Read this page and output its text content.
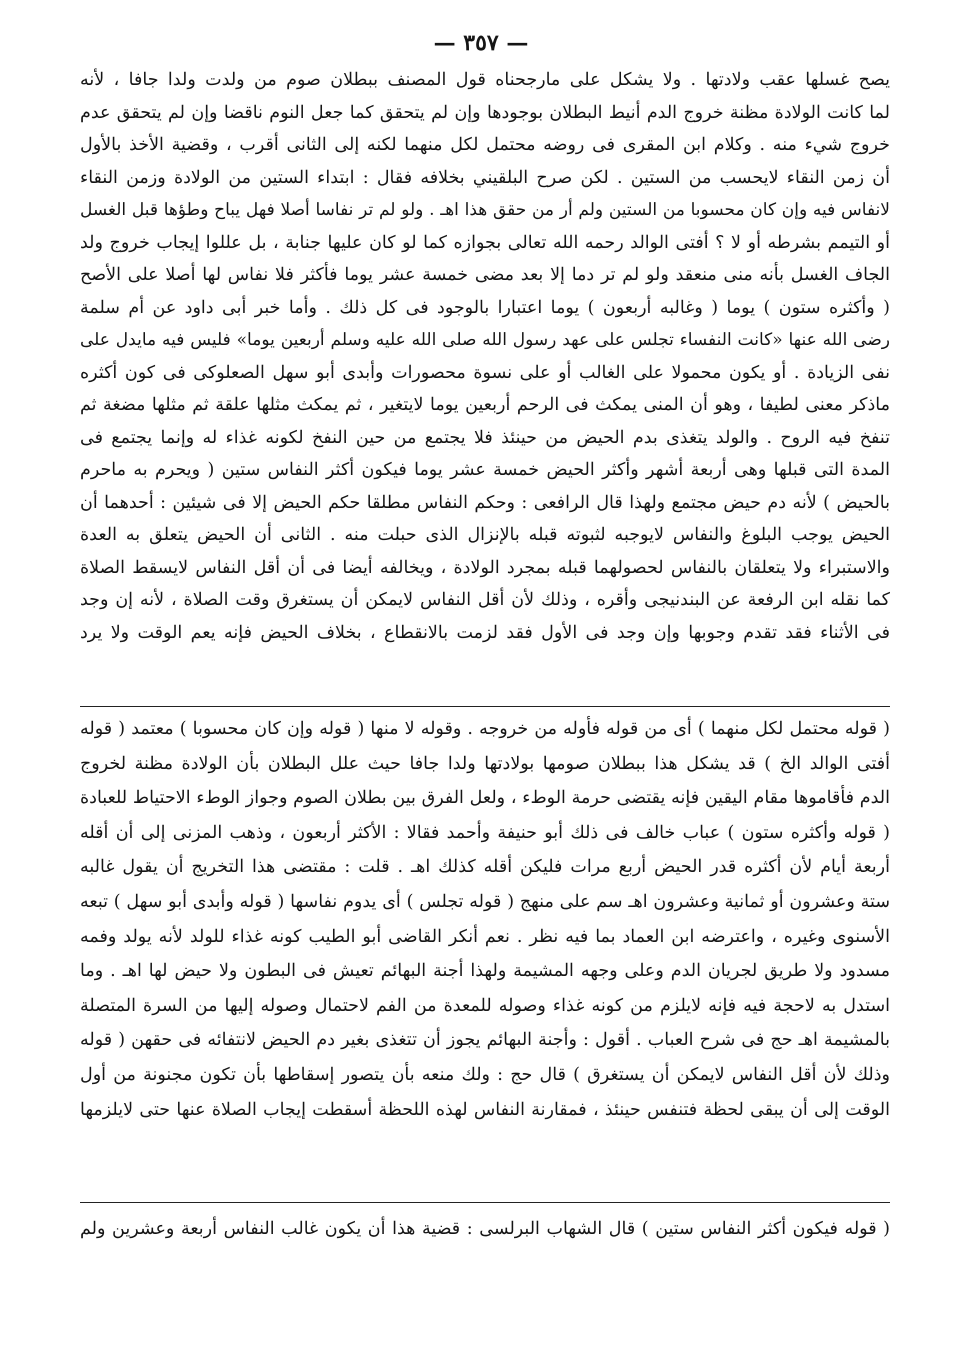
— ٣٥٧ —
يصح غسلها عقب ولادتها . ولا يشكل على مارجحناه قول المصنف ببطلان صوم من ولدت ولدا جافا ، لأنه
لما كانت الولادة مظنة خروج الدم أنيط البطلان بوجودها وإن لم يتحقق كما جعل النوم ناقضا وإن لم يتحقق عدم
خروج شيء منه . وكلام ابن المقرى فى روضه محتمل لكل منهما لكنه إلى الثانى أقرب ، وقضية الأخذ بالأول
أن زمن النقاء لايحسب من الستين . لكن صرح البلقيني بخلافه فقال : ابتداء الستين من الولادة وزمن النقاء
لانفاس فيه وإن كان محسوبا من الستين ولم أر من حقق هذا اهـ . ولو لم تر نفاسا أصلا فهل يباح وطؤها قبل الغسل
أو التيمم بشرطه أو لا ؟ أفتى الوالد رحمه الله تعالى بجوازه كما لو كان عليها جنابة ، بل عللوا إيجاب خروج ولد
الجاف الغسل بأنه منى منعقد ولو لم تر دما إلا بعد مضى خمسة عشر يوما فأكثر فلا نفاس لها أصلا على الأصح
( وأكثره ستون ) يوما ( وغالبه أربعون ) يوما اعتبارا بالوجود فى كل ذلك . وأما خبر أبى داود عن أم سلمة
رضى الله عنها «كانت النفساء تجلس على عهد رسول الله صلى الله عليه وسلم أربعين يوما» فليس فيه مايدل على
نفى الزيادة . أو يكون محمولا على الغالب أو على نسوة محصورات وأبدى أبو سهل الصعلوكى فى كون أكثره
ماذكر معنى لطيفا ، وهو أن المنى يمكث فى الرحم أربعين يوما لايتغير ، ثم يمكث مثلها علقة ثم مثلها مضغة ثم
تنفخ فيه الروح . والولد يتغذى بدم الحيض من حينئذ فلا يجتمع من حين النفخ لكونه غذاء له وإنما يجتمع فى
المدة التى قبلها وهى أربعة أشهر وأكثر الحيض خمسة عشر يوما فيكون أكثر النفاس ستين ( ويحرم به ماحرم
بالحيض ) لأنه دم حيض مجتمع ولهذا قال الرافعى : وحكم النفاس مطلقا حكم الحيض إلا فى شيئين : أحدهما أن
الحيض يوجب البلوغ والنفاس لايوجبه لثبوته قبله بالإنزال الذى حبلت منه . الثانى أن الحيض يتعلق به العدة
والاستبراء ولا يتعلقان بالنفاس لحصولهما قبله بمجرد الولادة ، ويخالفه أيضا فى أن أقل النفاس لايسقط الصلاة
كما نقله ابن الرفعة عن البندنيجى وأقره ، وذلك لأن أقل النفاس لايمكن أن يستغرق وقت الصلاة ، لأنه إن وجد
فى الأثناء فقد تقدم وجوبها وإن وجد فى الأول فقد لزمت بالانقطاع ، بخلاف الحيض فإنه يعم الوقت ولا يرد
( قوله محتمل لكل منهما ) أى من قوله فأوله من خروجه . وقوله لا منها ( قوله وإن كان محسوبا ) معتمد ( قوله
أفتى الوالد الخ ) قد يشكل هذا ببطلان صومها بولادتها ولدا جافا حيث علل البطلان بأن الولادة مظنة لخروج
الدم فأقاموها مقام اليقين فإنه يقتضى حرمة الوطء ، ولعل الفرق بين بطلان الصوم وجواز الوطء الاحتياط للعبادة
( قوله وأكثره ستون ) عباب خالف فى ذلك أبو حنيفة وأحمد فقالا : الأكثر أربعون ، وذهب المزنى إلى أن أقله
أربعة أيام لأن أكثره قدر الحيض أربع مرات فليكن أقله كذلك اهـ . قلت : مقتضى هذا التخريج أن يقول غالبه
ستة وعشرون أو ثمانية وعشرون اهـ سم على منهج ( قوله تجلس ) أى يدوم نفاسها ( قوله وأبدى أبو سهل ) تبعه
الأسنوى وغيره ، واعترضه ابن العماد بما فيه نظر . نعم أنكر القاضى أبو الطيب كونه غذاء للولد لأنه يولد وفمه
مسدود ولا طريق لجريان الدم وعلى وجهه المشيمة ولهذا أجنة البهائم تعيش فى البطون ولا حيض لها اهـ . وما
استدل به لاحجة فيه فإنه لايلزم من كونه غذاء وصوله للمعدة من الفم لاحتمال وصوله إليها من السرة المتصلة
بالمشيمة اهـ حج فى شرح العباب . أقول : وأجنة البهائم يجوز أن تتغذى بغير دم الحيض لانتفائه فى حقهن ( قوله
وذلك لأن أقل النفاس لايمكن أن يستغرق ) قال حج : ولك منعه بأن يتصور إسقاطها بأن تكون مجنونة من أول
الوقت إلى أن يبقى لحظة فتنفس حينئذ ، فمقارنة النفاس لهذه اللحظة أسقطت إيجاب الصلاة عنها حتى لايلزمها
( قوله فيكون أكثر النفاس ستين ) قال الشهاب البرلسى : قضية هذا أن يكون غالب النفاس أربعة وعشرين ولم
